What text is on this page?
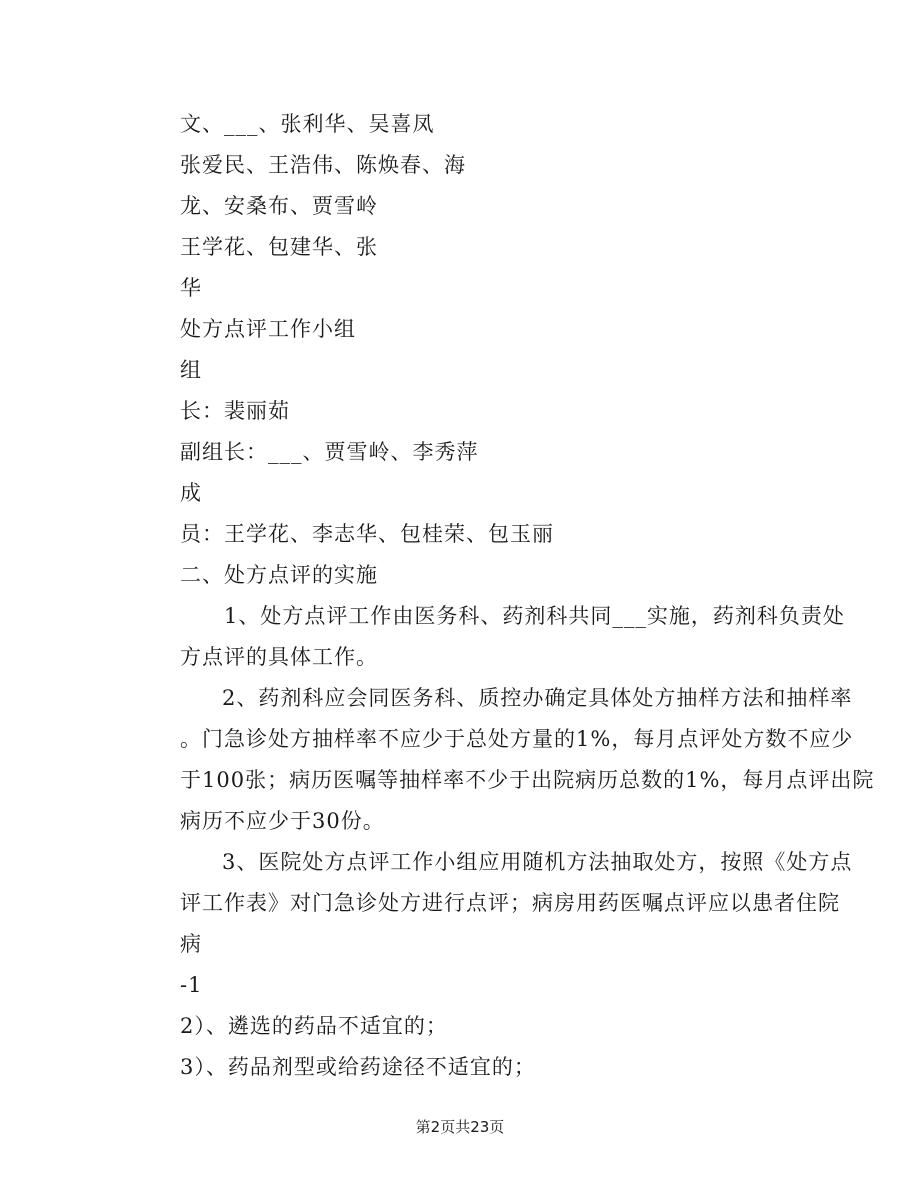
文、___、张利华、吴喜凤
张爱民、王浩伟、陈焕春、海
龙、安桑布、贾雪岭
王学花、包建华、张
华
处方点评工作小组
组
长：裴丽茹
副组长：___、贾雪岭、李秀萍
成
员：王学花、李志华、包桂荣、包玉丽
二、处方点评的实施
1、处方点评工作由医务科、药剂科共同___实施，药剂科负责处
方点评的具体工作。
2、药剂科应会同医务科、质控办确定具体处方抽样方法和抽样率
。门急诊处方抽样率不应少于总处方量的1%，每月点评处方数不应少
于100张；病历医嘱等抽样率不少于出院病历总数的1%，每月点评出院
病历不应少于30份。
3、医院处方点评工作小组应用随机方法抽取处方，按照《处方点
评工作表》对门急诊处方进行点评；病房用药医嘱点评应以患者住院
病
-1
2）、遴选的药品不适宜的；
3）、药品剂型或给药途径不适宜的；
第2页共23页
